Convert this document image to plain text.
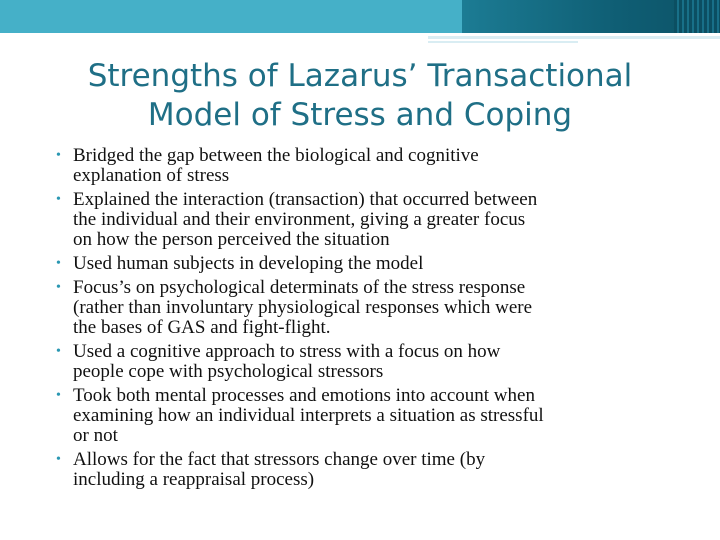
Strengths of Lazarus’ Transactional
Model of Stress and Coping
• Bridged the gap between the biological and cognitive
explanation of stress
• Explained the interaction (transaction) that occurred between
the individual and their environment, giving a greater focus
on how the person perceived the situation
• Used human subjects in developing the model
• Focus’s on psychological determinats of the stress response
(rather than involuntary physiological responses which were
the bases of GAS and fight-flight.
• Used a cognitive approach to stress with a focus on how
people cope with psychological stressors
• Took both mental processes and emotions into account when
examining how an individual interprets a situation as stressful
or not
• Allows for the fact that stressors change over time (by
including a reappraisal process)
